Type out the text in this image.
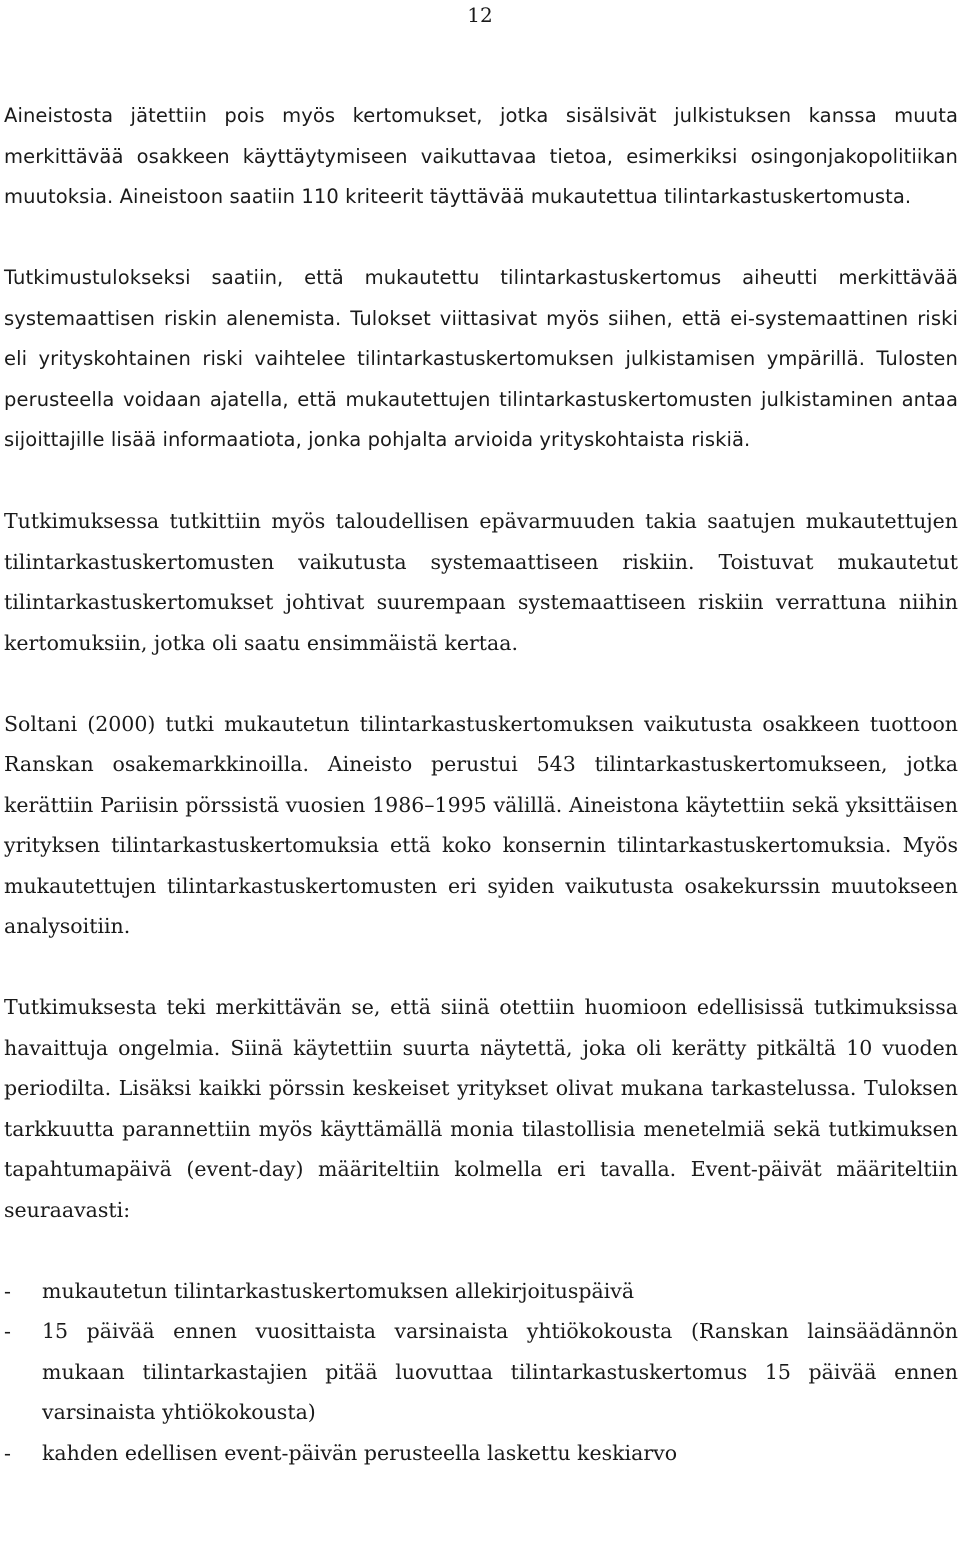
12

Aineistosta jätettiin pois myös kertomukset, jotka sisälsivät julkistuksen kanssa muuta merkittävää osakkeen käyttäytymiseen vaikuttavaa tietoa, esimerkiksi osingonjakopolitiikan muutoksia. Aineistoon saatiin 110 kriteerit täyttävää mukautettua tilintarkastuskertomusta.

Tutkimustulokseksi saatiin, että mukautettu tilintarkastuskertomus aiheutti merkittävää systemaattisen riskin alenemista. Tulokset viittasivat myös siihen, että ei-systemaattinen riski eli yrityskohtainen riski vaihtelee tilintarkastuskertomuksen julkistamisen ympärillä. Tulosten perusteella voidaan ajatella, että mukautettujen tilintarkastuskertomusten julkistaminen antaa sijoittajille lisää informaatiota, jonka pohjalta arvioida yrityskohtaista riskiä.

Tutkimuksessa tutkittiin myös taloudellisen epävarmuuden takia saatujen mukautettujen tilintarkastuskertomusten vaikutusta systemaattiseen riskiin. Toistuvat mukautetut tilintarkastuskertomukset johtivat suurempaan systemaattiseen riskiin verrattuna niihin kertomuksiin, jotka oli saatu ensimmäistä kertaa.

Soltani (2000) tutki mukautetun tilintarkastuskertomuksen vaikutusta osakkeen tuottoon Ranskan osakemarkkinoilla. Aineisto perustui 543 tilintarkastuskertomukseen, jotka kerättiin Pariisin pörssistä vuosien 1986–1995 välillä. Aineistona käytettiin sekä yksittäisen yrityksen tilintarkastuskertomuksia että koko konsernin tilintarkastuskertomuksia. Myös mukautettujen tilintarkastuskertomusten eri syiden vaikutusta osakekurssin muutokseen analysoitiin.

Tutkimuksesta teki merkittävän se, että siinä otettiin huomioon edellisissä tutkimuksissa havaittuja ongelmia. Siinä käytettiin suurta näytettä, joka oli kerätty pitkältä 10 vuoden periodilta. Lisäksi kaikki pörssin keskeiset yritykset olivat mukana tarkastelussa. Tuloksen tarkkuutta parannettiin myös käyttämällä monia tilastollisia menetelmiä sekä tutkimuksen tapahtumapäivä (event-day) määriteltiin kolmella eri tavalla. Event-päivät määriteltiin seuraavasti:

- mukautetun tilintarkastuskertomuksen allekirjoituspäivä
- 15 päivää ennen vuosittaista varsinaista yhtiökokousta (Ranskan lainsäädännön mukaan tilintarkastajien pitää luovuttaa tilintarkastuskertomus 15 päivää ennen varsinaista yhtiökokousta)
- kahden edellisen event-päivän perusteella laskettu keskiarvo
